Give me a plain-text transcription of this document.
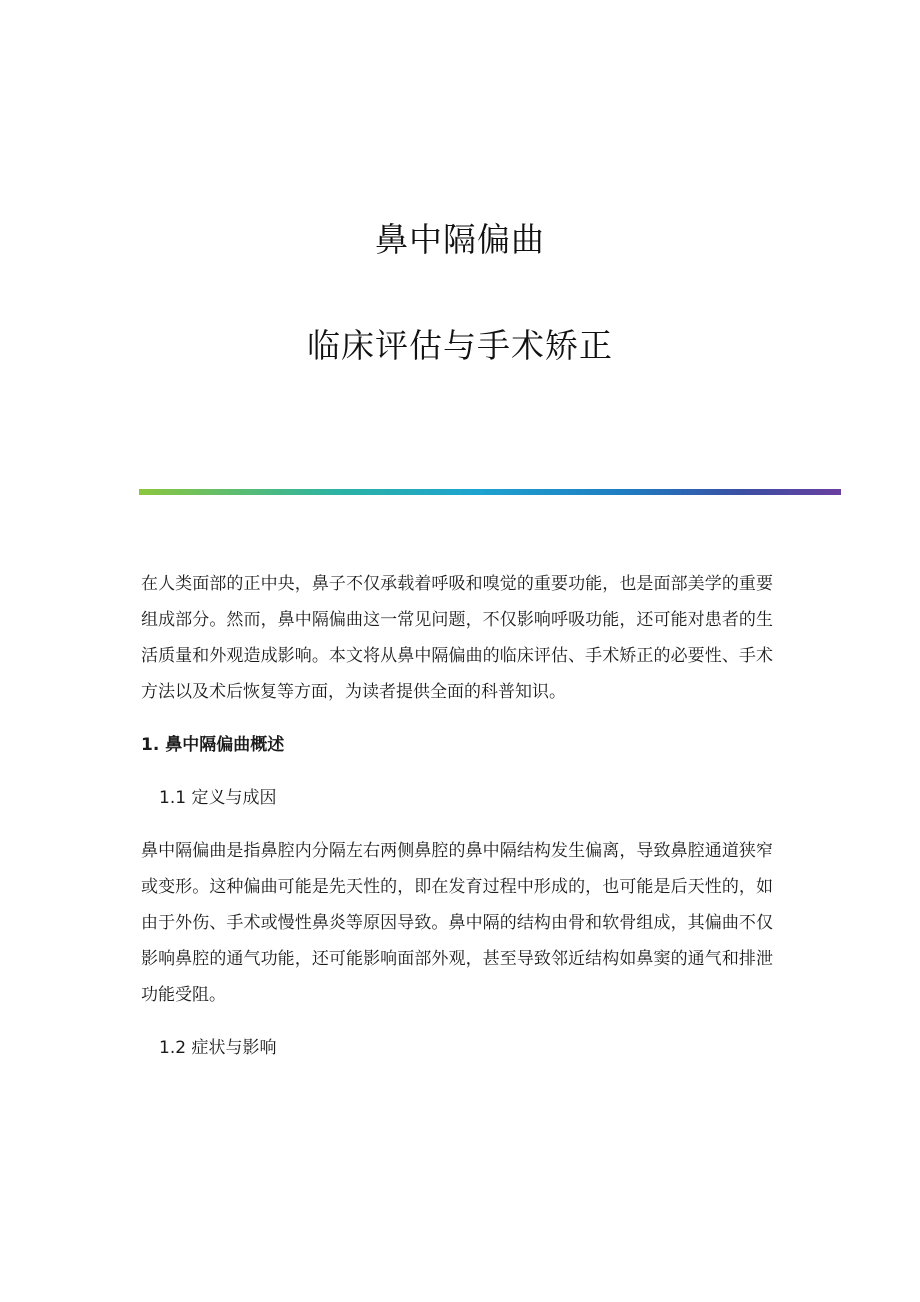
鼻中隔偏曲
临床评估与手术矫正

在人类面部的正中央，鼻子不仅承载着呼吸和嗅觉的重要功能，也是面部美学的重要组成部分。然而，鼻中隔偏曲这一常见问题，不仅影响呼吸功能，还可能对患者的生活质量和外观造成影响。本文将从鼻中隔偏曲的临床评估、手术矫正的必要性、手术方法以及术后恢复等方面，为读者提供全面的科普知识。

1. 鼻中隔偏曲概述
1.1 定义与成因

鼻中隔偏曲是指鼻腔内分隔左右两侧鼻腔的鼻中隔结构发生偏离，导致鼻腔通道狭窄或变形。这种偏曲可能是先天性的，即在发育过程中形成的，也可能是后天性的，如由于外伤、手术或慢性鼻炎等原因导致。鼻中隔的结构由骨和软骨组成，其偏曲不仅影响鼻腔的通气功能，还可能影响面部外观，甚至导致邻近结构如鼻窦的通气和排泄功能受阻。

1.2 症状与影响
